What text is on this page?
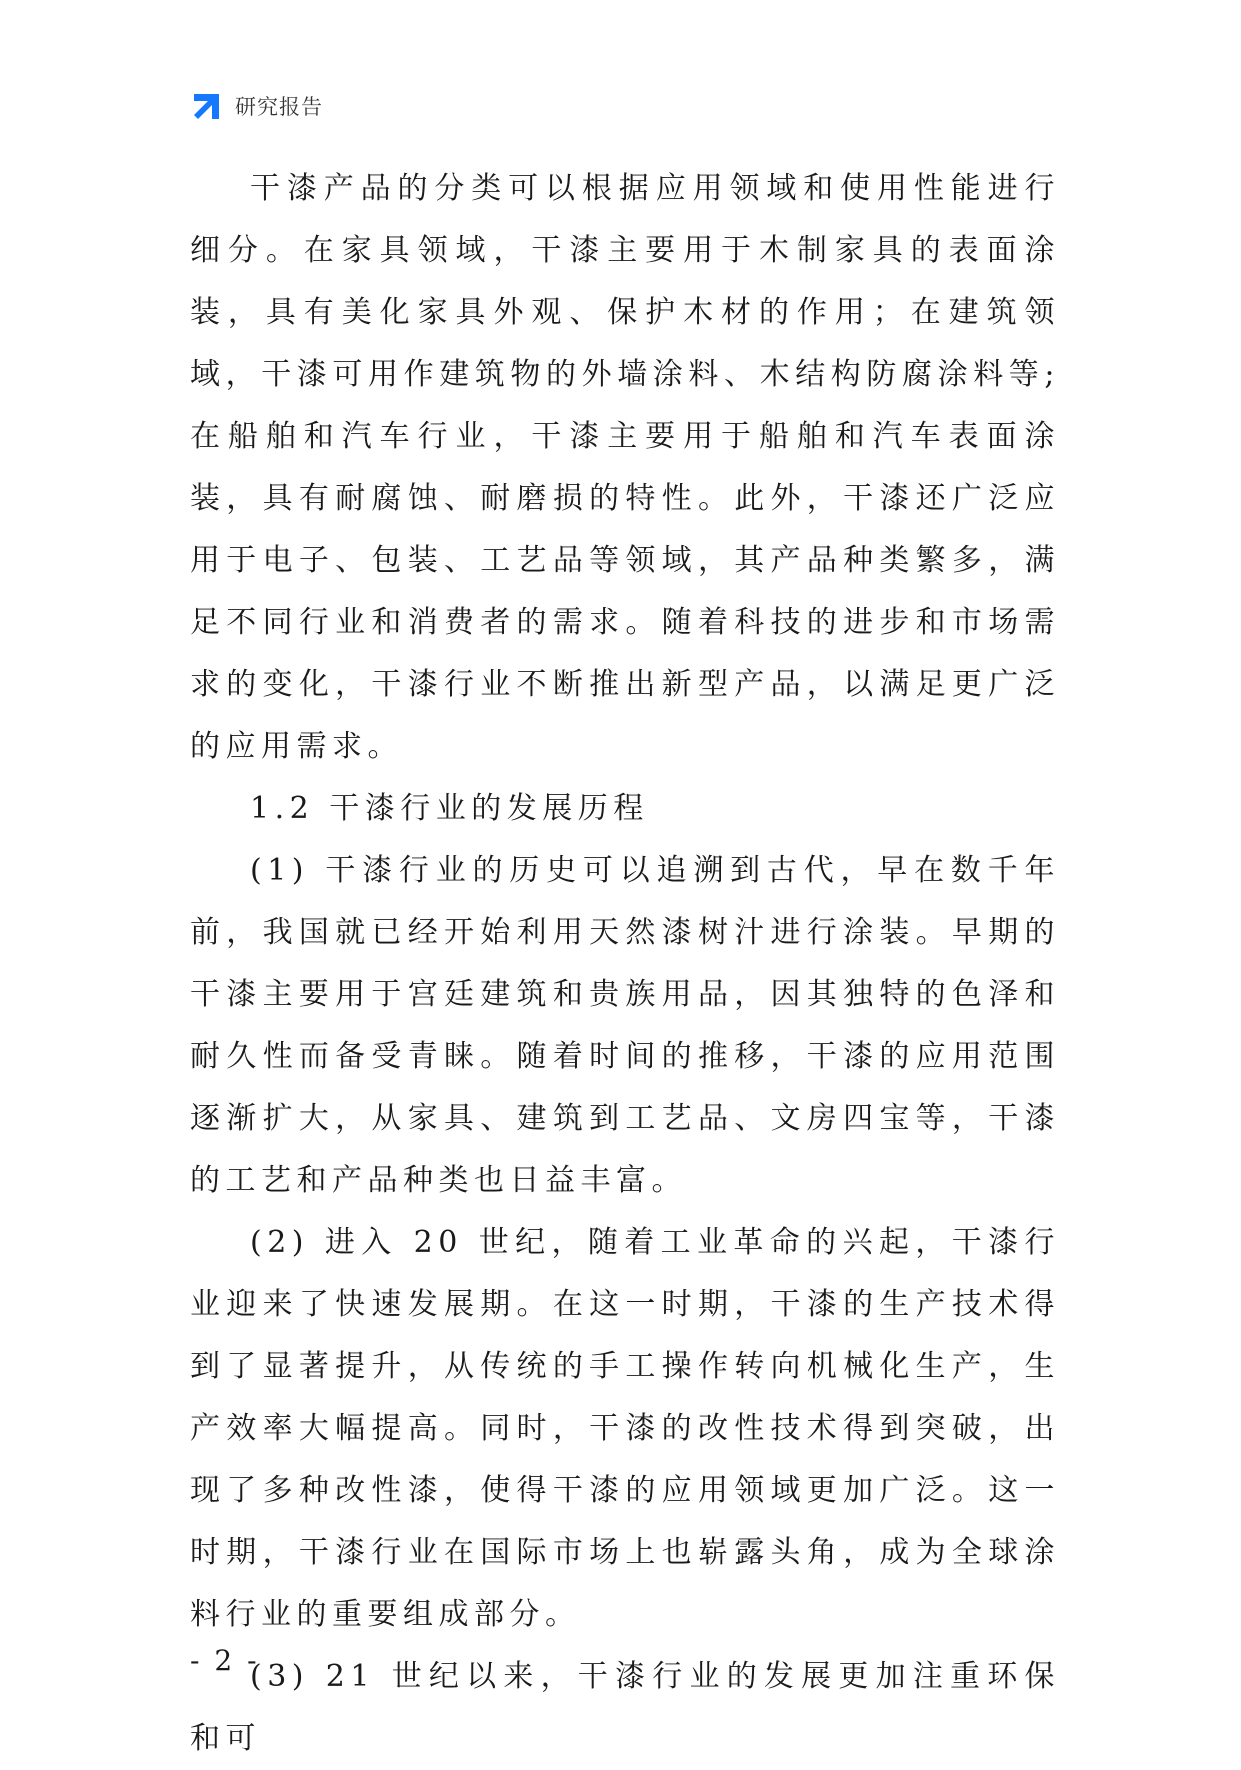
研究报告

干漆产品的分类可以根据应用领域和使用性能进行细分。在家具领域，干漆主要用于木制家具的表面涂装，具有美化家具外观、保护木材的作用；在建筑领域，干漆可用作建筑物的外墙涂料、木结构防腐涂料等;在船舶和汽车行业，干漆主要用于船舶和汽车表面涂装，具有耐腐蚀、耐磨损的特性。此外，干漆还广泛应用于电子、包装、工艺品等领域，其产品种类繁多，满足不同行业和消费者的需求。随着科技的进步和市场需求的变化，干漆行业不断推出新型产品，以满足更广泛的应用需求。

1.2 干漆行业的发展历程

(1) 干漆行业的历史可以追溯到古代，早在数千年前，我国就已经开始利用天然漆树汁进行涂装。早期的干漆主要用于宫廷建筑和贵族用品，因其独特的色泽和耐久性而备受青睐。随着时间的推移，干漆的应用范围逐渐扩大，从家具、建筑到工艺品、文房四宝等，干漆的工艺和产品种类也日益丰富。

(2) 进入 20 世纪，随着工业革命的兴起，干漆行业迎来了快速发展期。在这一时期，干漆的生产技术得到了显著提升，从传统的手工操作转向机械化生产，生产效率大幅提高。同时，干漆的改性技术得到突破，出现了多种改性漆，使得干漆的应用领域更加广泛。这一时期，干漆行业在国际市场上也崭露头角，成为全球涂料行业的重要组成部分。

(3) 21 世纪以来，干漆行业的发展更加注重环保和可

- 2 -
